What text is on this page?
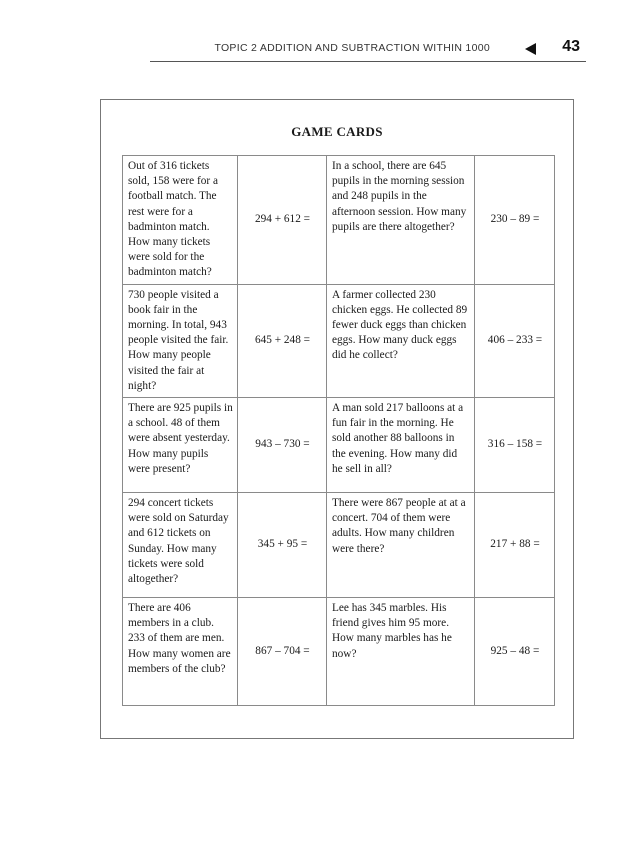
TOPIC 2 ADDITION AND SUBTRACTION WITHIN 1000	43
GAME CARDS
Out of 316 tickets sold, 158 were for a football match. The rest were for a badminton match. How many tickets were sold for the badminton match?	294 + 612 =	In a school, there are 645 pupils in the morning session and 248 pupils in the afternoon session. How many pupils are there altogether?	230 – 89 =
730 people visited a book fair in the morning. In total, 943 people visited the fair. How many people visited the fair at night?	645 + 248 =	A farmer collected 230 chicken eggs. He collected 89 fewer duck eggs than chicken eggs. How many duck eggs did he collect?	406 – 233 =
There are 925 pupils in a school. 48 of them were absent yesterday. How many pupils were present?	943 – 730 =	A man sold 217 balloons at a fun fair in the morning. He sold another 88 balloons in the evening. How many did he sell in all?	316 – 158 =
294 concert tickets were sold on Saturday and 612 tickets on Sunday. How many tickets were sold altogether?	345 + 95 =	There were 867 people at at a concert. 704 of them were adults. How many children were there?	217 + 88 =
There are 406 members in a club. 233 of them are men. How many women are members of the club?	867 – 704 =	Lee has 345 marbles. His friend gives him 95 more. How many marbles has he now?	925 – 48 =
